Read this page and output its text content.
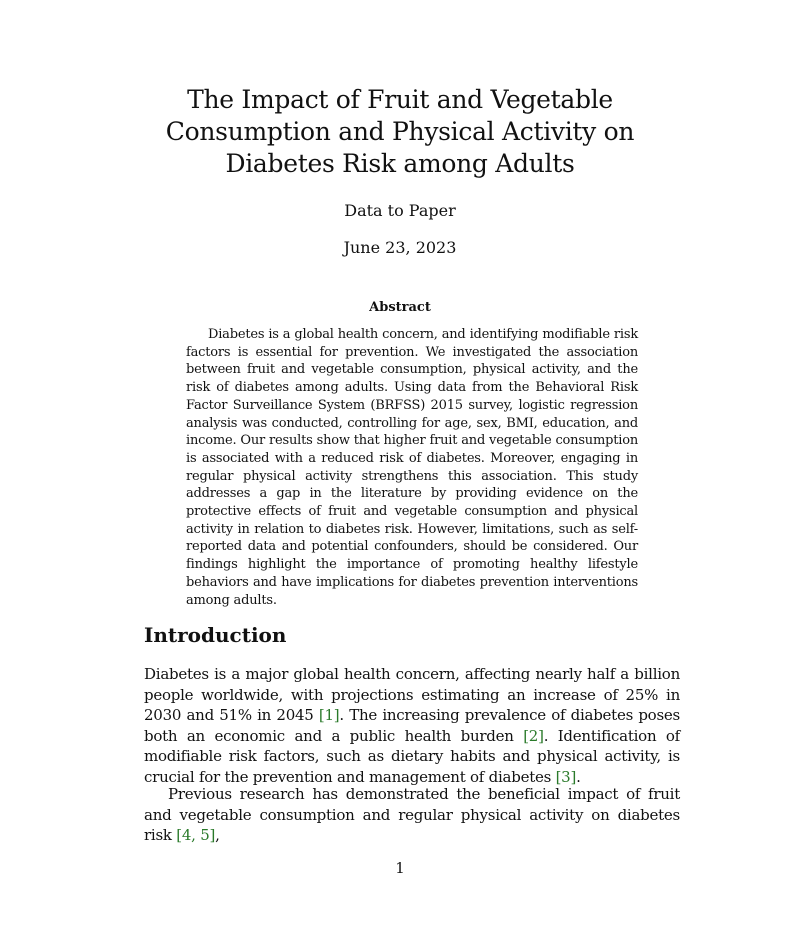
The Impact of Fruit and Vegetable Consumption and Physical Activity on Diabetes Risk among Adults
Data to Paper
June 23, 2023
Abstract

Diabetes is a global health concern, and identifying modifiable risk factors is essential for prevention. We investigated the association between fruit and vegetable consumption, physical activity, and the risk of diabetes among adults. Using data from the Behavioral Risk Factor Surveillance System (BRFSS) 2015 survey, logistic regression analysis was conducted, controlling for age, sex, BMI, education, and income. Our results show that higher fruit and vegetable consumption is associated with a reduced risk of diabetes. Moreover, engaging in regular physical activity strengthens this association. This study addresses a gap in the literature by providing evidence on the protective effects of fruit and vegetable consumption and physical activity in relation to diabetes risk. However, limitations, such as self-reported data and potential confounders, should be considered. Our findings highlight the importance of promoting healthy lifestyle behaviors and have implications for diabetes prevention interventions among adults.

Introduction

Diabetes is a major global health concern, affecting nearly half a billion people worldwide, with projections estimating an increase of 25% in 2030 and 51% in 2045 [1]. The increasing prevalence of diabetes poses both an economic and a public health burden [2]. Identification of modifiable risk factors, such as dietary habits and physical activity, is crucial for the prevention and management of diabetes [3].

Previous research has demonstrated the beneficial impact of fruit and vegetable consumption and regular physical activity on diabetes risk [4, 5],

1
